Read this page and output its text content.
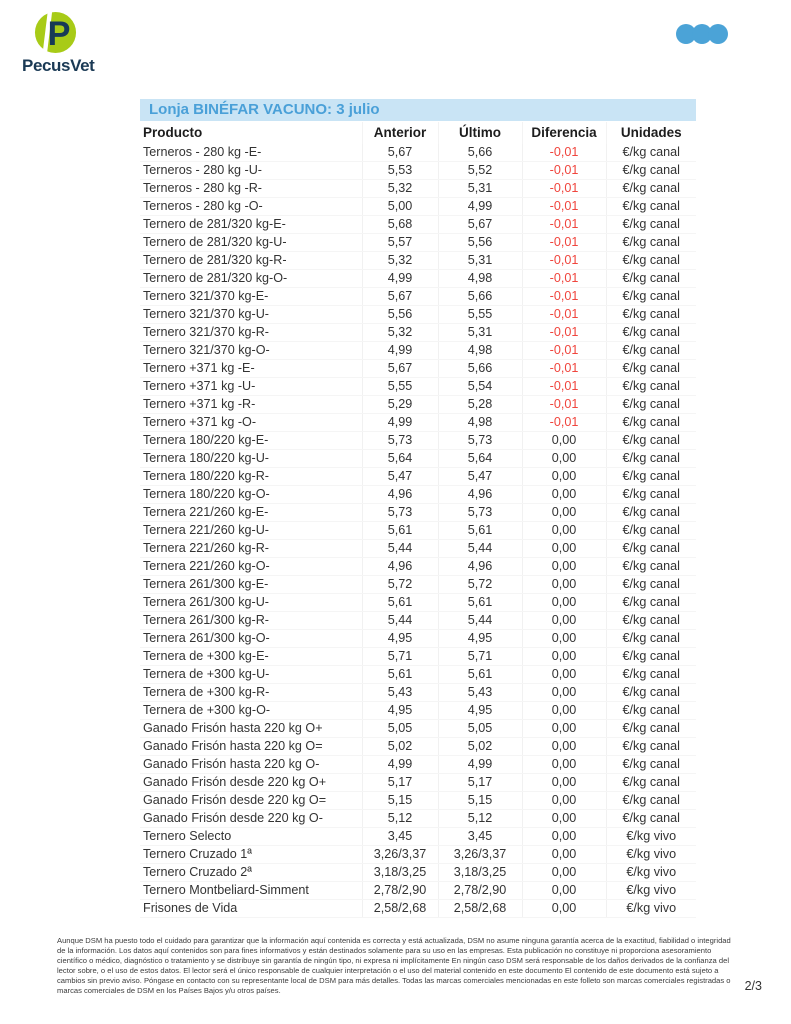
P
PecusVet
Lonja BINÉFAR VACUNO: 3 julio
Producto	Anterior	Último	Diferencia	Unidades
Terneros - 280 kg -E-	5,67	5,66	-0,01	€/kg canal
Terneros - 280 kg -U-	5,53	5,52	-0,01	€/kg canal
Terneros - 280 kg -R-	5,32	5,31	-0,01	€/kg canal
Terneros - 280 kg -O-	5,00	4,99	-0,01	€/kg canal
Ternero de 281/320 kg-E-	5,68	5,67	-0,01	€/kg canal
Ternero de 281/320 kg-U-	5,57	5,56	-0,01	€/kg canal
Ternero de 281/320 kg-R-	5,32	5,31	-0,01	€/kg canal
Ternero de 281/320 kg-O-	4,99	4,98	-0,01	€/kg canal
Ternero 321/370 kg-E-	5,67	5,66	-0,01	€/kg canal
Ternero 321/370 kg-U-	5,56	5,55	-0,01	€/kg canal
Ternero 321/370 kg-R-	5,32	5,31	-0,01	€/kg canal
Ternero 321/370 kg-O-	4,99	4,98	-0,01	€/kg canal
Ternero +371 kg -E-	5,67	5,66	-0,01	€/kg canal
Ternero +371 kg -U-	5,55	5,54	-0,01	€/kg canal
Ternero +371 kg -R-	5,29	5,28	-0,01	€/kg canal
Ternero +371 kg -O-	4,99	4,98	-0,01	€/kg canal
Ternera 180/220 kg-E-	5,73	5,73	0,00	€/kg canal
Ternera 180/220 kg-U-	5,64	5,64	0,00	€/kg canal
Ternera 180/220 kg-R-	5,47	5,47	0,00	€/kg canal
Ternera 180/220 kg-O-	4,96	4,96	0,00	€/kg canal
Ternera 221/260 kg-E-	5,73	5,73	0,00	€/kg canal
Ternera 221/260 kg-U-	5,61	5,61	0,00	€/kg canal
Ternera 221/260 kg-R-	5,44	5,44	0,00	€/kg canal
Ternera 221/260 kg-O-	4,96	4,96	0,00	€/kg canal
Ternera 261/300 kg-E-	5,72	5,72	0,00	€/kg canal
Ternera 261/300 kg-U-	5,61	5,61	0,00	€/kg canal
Ternera 261/300 kg-R-	5,44	5,44	0,00	€/kg canal
Ternera 261/300 kg-O-	4,95	4,95	0,00	€/kg canal
Ternera de +300 kg-E-	5,71	5,71	0,00	€/kg canal
Ternera de +300 kg-U-	5,61	5,61	0,00	€/kg canal
Ternera de +300 kg-R-	5,43	5,43	0,00	€/kg canal
Ternera de +300 kg-O-	4,95	4,95	0,00	€/kg canal
Ganado Frisón hasta 220 kg O+	5,05	5,05	0,00	€/kg canal
Ganado Frisón hasta 220 kg O=	5,02	5,02	0,00	€/kg canal
Ganado Frisón hasta 220 kg O-	4,99	4,99	0,00	€/kg canal
Ganado Frisón desde 220 kg O+	5,17	5,17	0,00	€/kg canal
Ganado Frisón desde 220 kg O=	5,15	5,15	0,00	€/kg canal
Ganado Frisón desde 220 kg O-	5,12	5,12	0,00	€/kg canal
Ternero Selecto	3,45	3,45	0,00	€/kg vivo
Ternero Cruzado 1ª	3,26/3,37	3,26/3,37	0,00	€/kg vivo
Ternero Cruzado 2ª	3,18/3,25	3,18/3,25	0,00	€/kg vivo
Ternero Montbeliard-Simment	2,78/2,90	2,78/2,90	0,00	€/kg vivo
Frisones de Vida	2,58/2,68	2,58/2,68	0,00	€/kg vivo

Aunque DSM ha puesto todo el cuidado para garantizar que la información aquí contenida es correcta y está actualizada, DSM no asume ninguna garantía acerca de la exactitud, fiabilidad o integridad de la información. Los datos aquí contenidos son para fines informativos y están destinados solamente para su uso en las empresas. Esta publicación no constituye ni proporciona asesoramiento científico o médico, diagnóstico o tratamiento y se distribuye sin garantía de ningún tipo, ni expresa ni implícitamente En ningún caso DSM será responsable de los daños derivados de la confianza del lector sobre, o el uso de estos datos. El lector será el único responsable de cualquier interpretación o el uso del material contenido en este documento El contenido de este documento está sujeto a cambios sin previo aviso. Póngase en contacto con su representante local de DSM para más detalles. Todas las marcas comerciales mencionadas en este folleto son marcas comerciales registradas o marcas comerciales de DSM en los Países Bajos y/u otros países.	2/3
